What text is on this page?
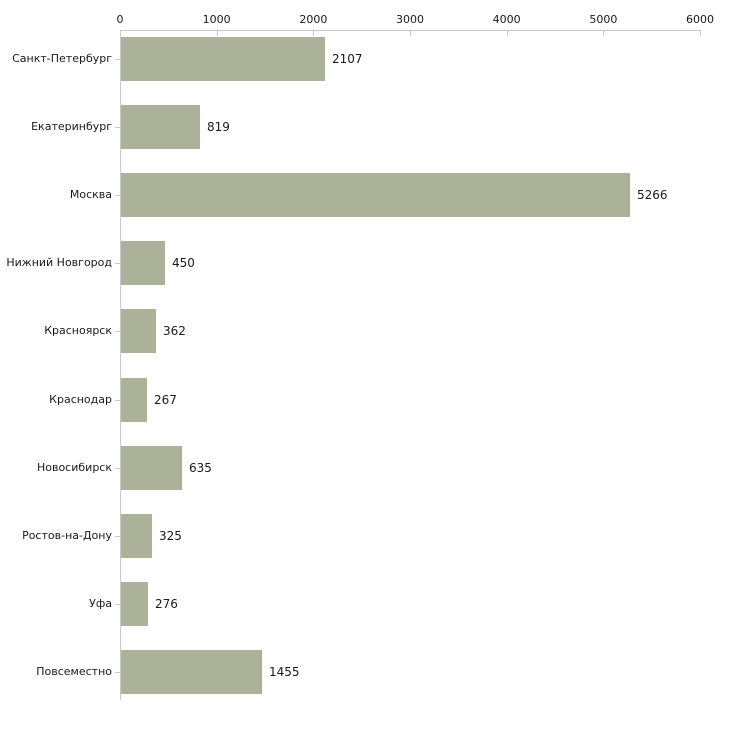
0	1000	2000	3000	4000	5000	6000
Санкт-Петербург	2107
Екатеринбург	819
Москва	5266
Нижний Новгород	450
Красноярск	362
Краснодар	267
Новосибирск	635
Ростов-на-Дону	325
Уфа	276
Повсеместно	1455
